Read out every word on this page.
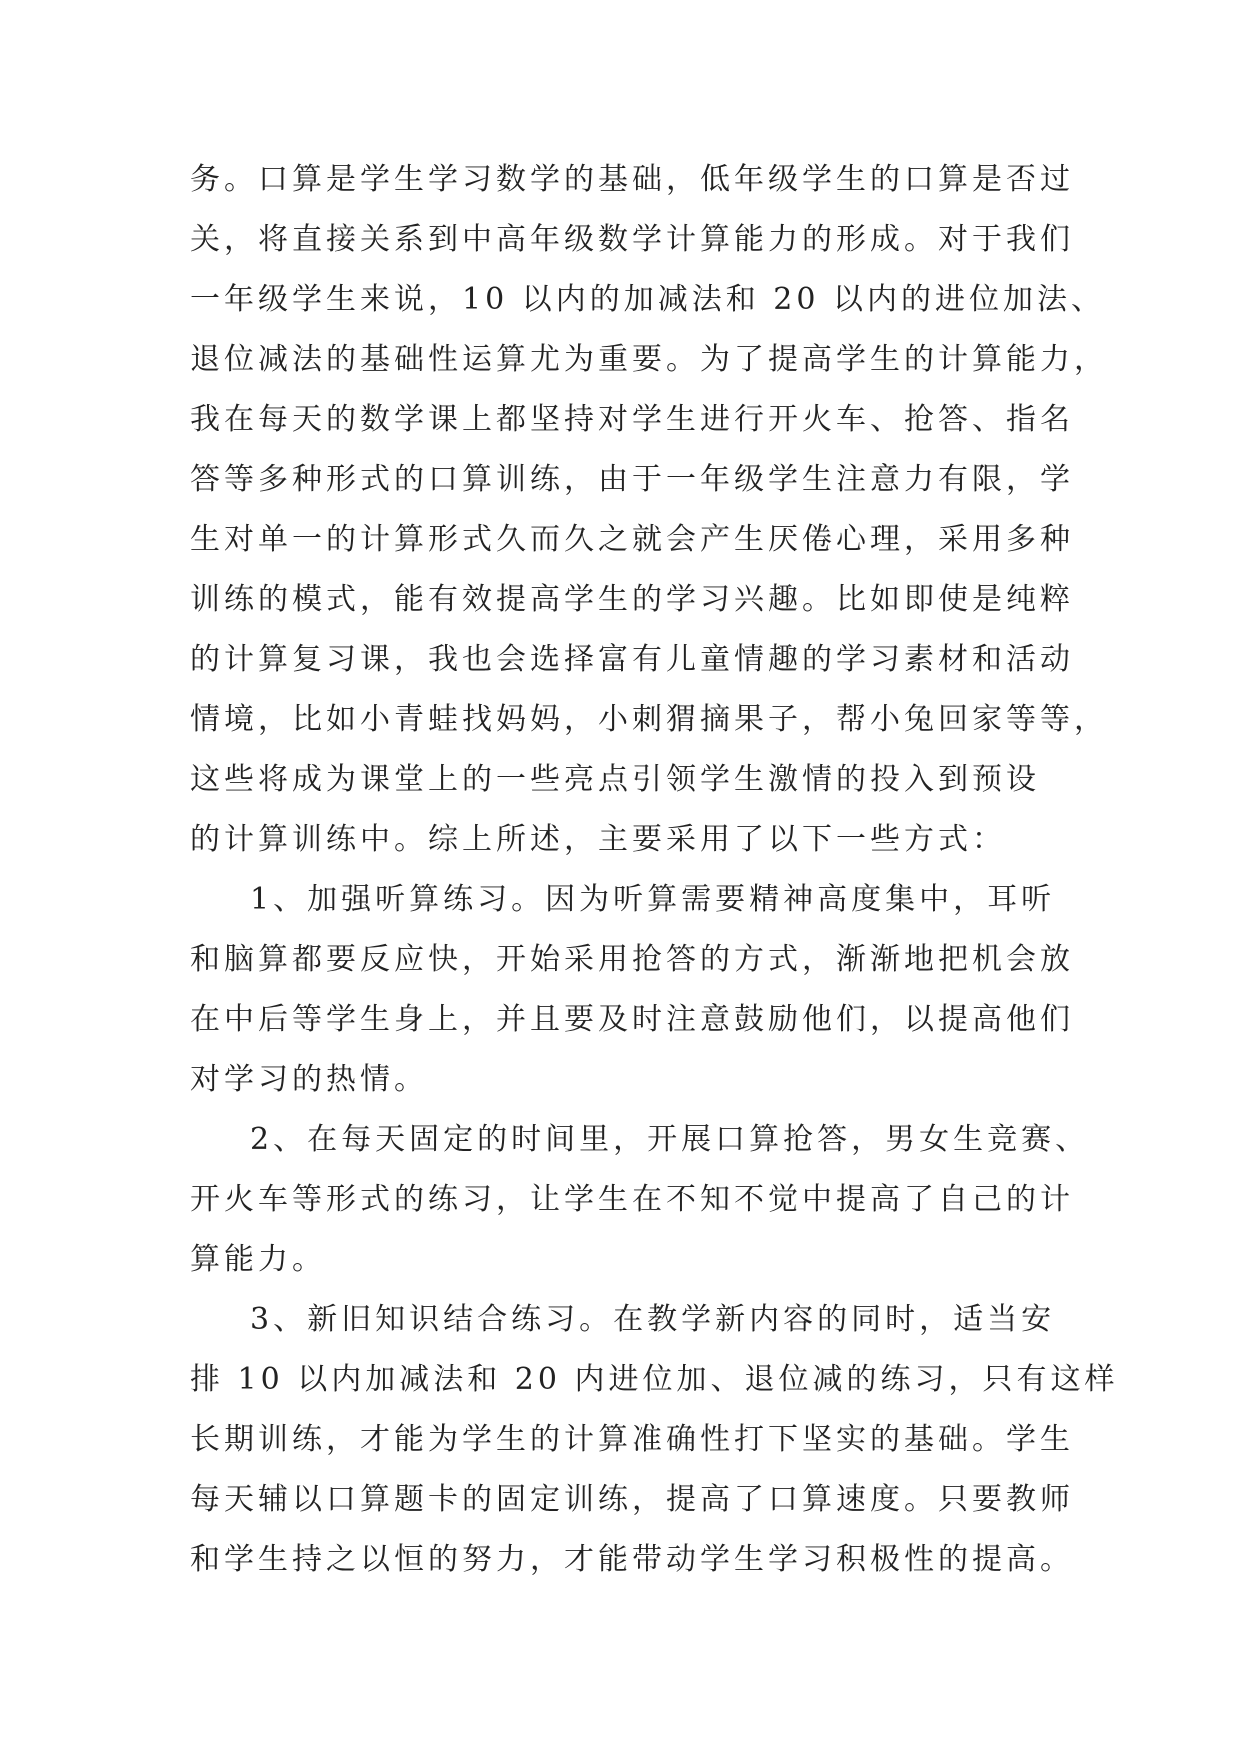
务。口算是学生学习数学的基础，低年级学生的口算是否过
关，将直接关系到中高年级数学计算能力的形成。对于我们
一年级学生来说，10 以内的加减法和 20 以内的进位加法、
退位减法的基础性运算尤为重要。为了提高学生的计算能力，
我在每天的数学课上都坚持对学生进行开火车、抢答、指名
答等多种形式的口算训练，由于一年级学生注意力有限，学
生对单一的计算形式久而久之就会产生厌倦心理，采用多种
训练的模式，能有效提高学生的学习兴趣。比如即使是纯粹
的计算复习课，我也会选择富有儿童情趣的学习素材和活动
情境，比如小青蛙找妈妈，小刺猬摘果子，帮小兔回家等等，
这些将成为课堂上的一些亮点引领学生激情的投入到预设
的计算训练中。综上所述，主要采用了以下一些方式：
1、加强听算练习。因为听算需要精神高度集中，耳听
和脑算都要反应快，开始采用抢答的方式，渐渐地把机会放
在中后等学生身上，并且要及时注意鼓励他们，以提高他们
对学习的热情。
2、在每天固定的时间里，开展口算抢答，男女生竞赛、
开火车等形式的练习，让学生在不知不觉中提高了自己的计
算能力。
3、新旧知识结合练习。在教学新内容的同时，适当安
排 10 以内加减法和 20 内进位加、退位减的练习，只有这样
长期训练，才能为学生的计算准确性打下坚实的基础。学生
每天辅以口算题卡的固定训练，提高了口算速度。只要教师
和学生持之以恒的努力，才能带动学生学习积极性的提高。
